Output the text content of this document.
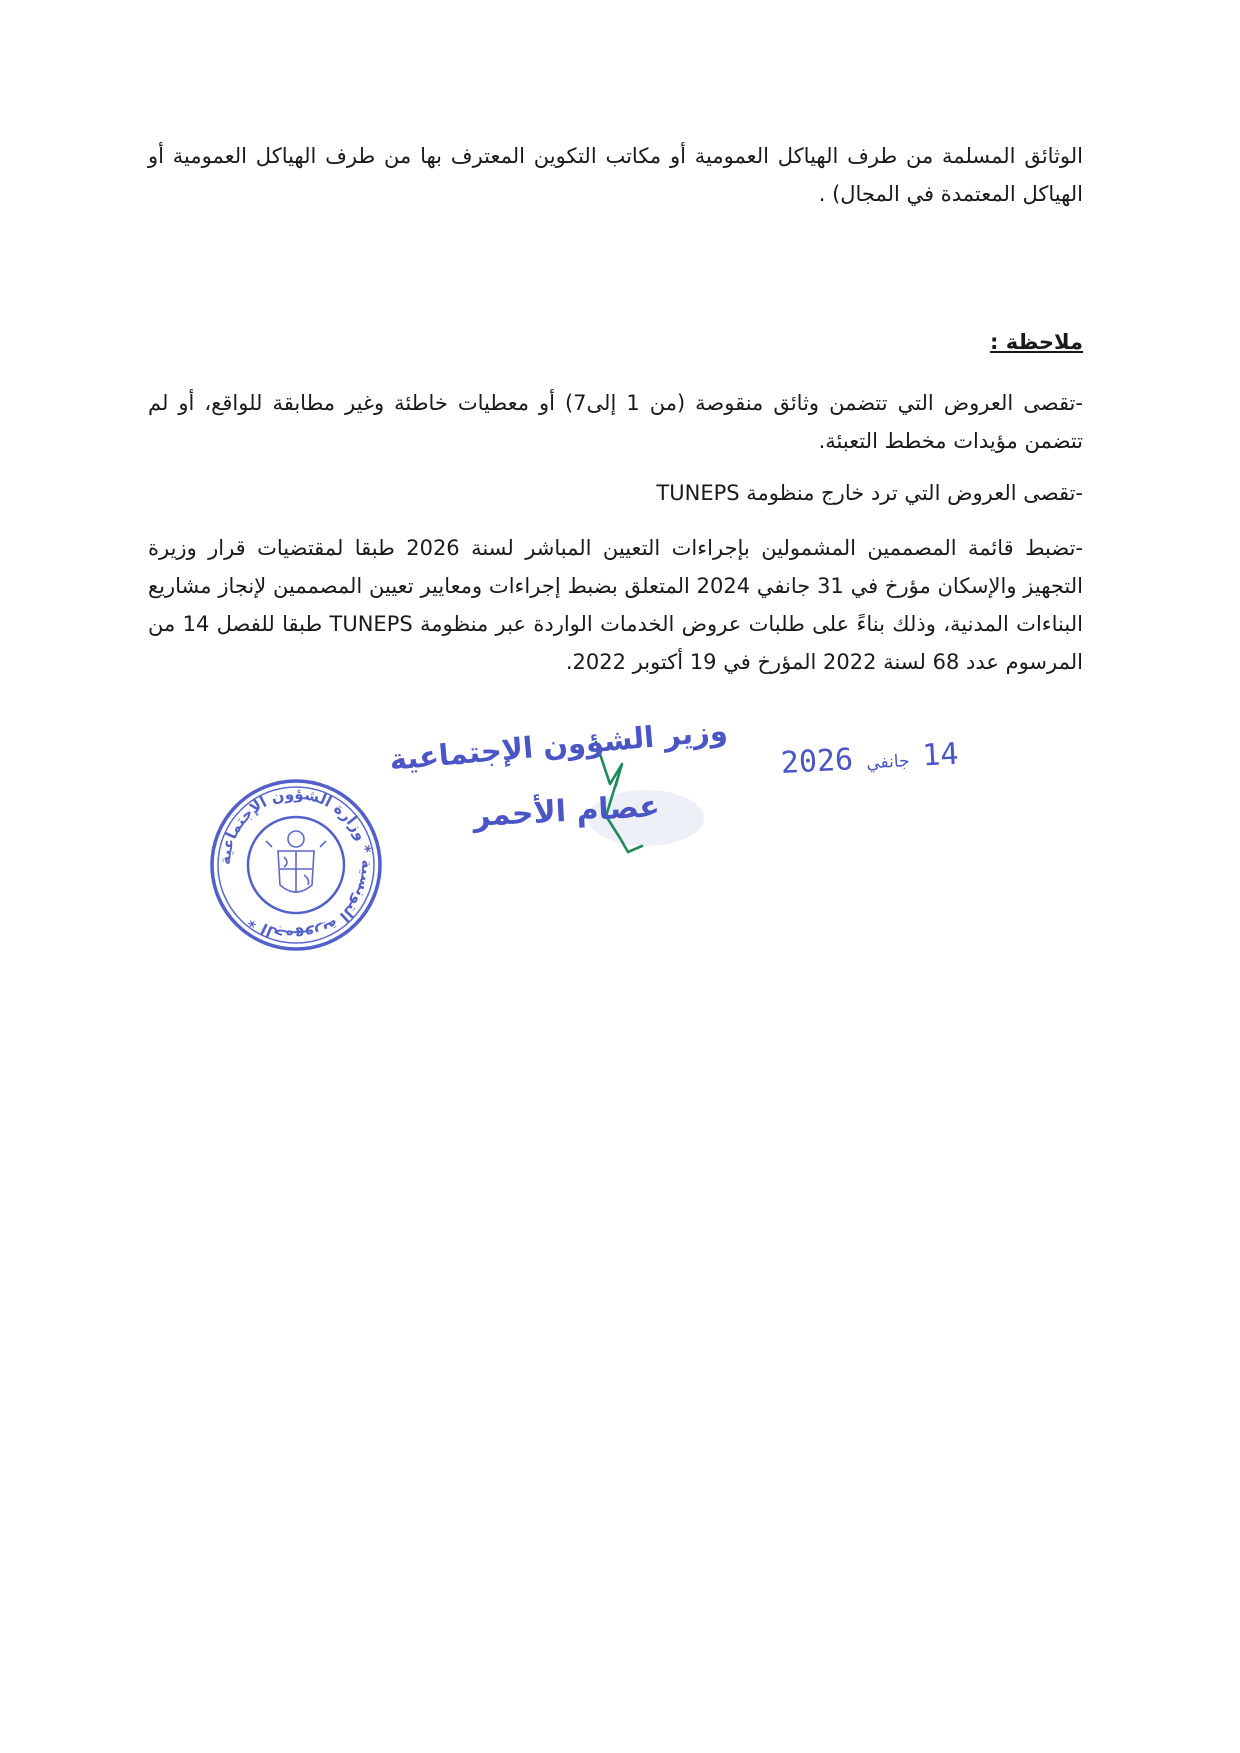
الوثائق المسلمة من طرف الهياكل العمومية أو مكاتب التكوين المعترف بها من طرف الهياكل العمومية أو الهياكل المعتمدة في المجال) .

ملاحظة :

-تقصى العروض التي تتضمن وثائق منقوصة (من 1 إلى7) أو معطيات خاطئة وغير مطابقة للواقع، أو لم تتضمن مؤيدات مخطط التعبئة.

-تقصى العروض التي ترد خارج منظومة TUNEPS

-تضبط قائمة المصممين المشمولين بإجراءات التعيين المباشر لسنة 2026 طبقا لمقتضيات قرار وزيرة التجهيز والإسكان مؤرخ في 31 جانفي 2024 المتعلق بضبط إجراءات ومعايير تعيين المصممين لإنجاز مشاريع البناءات المدنية، وذلك بناءً على طلبات عروض الخدمات الواردة عبر منظومة TUNEPS طبقا للفصل 14 من المرسوم عدد 68 لسنة 2022 المؤرخ في 19 أكتوبر 2022.

الجمهورية التونسية * وزارة الشؤون الإجتماعية *
وزير الشؤون الإجتماعية
عصام الأحمر
14 جانفي 2026
